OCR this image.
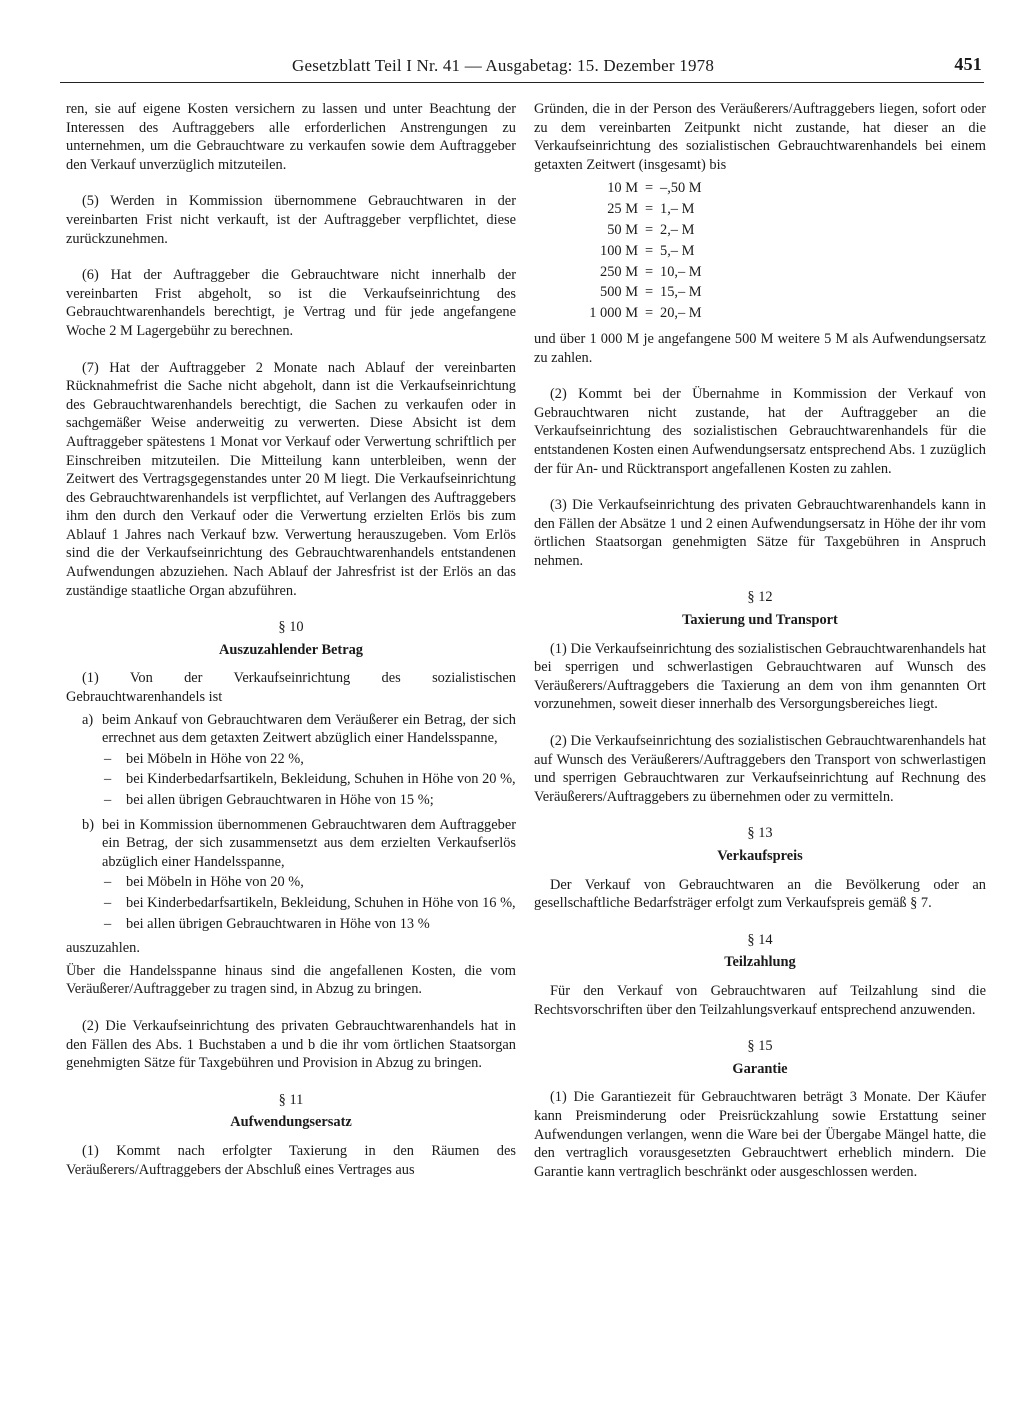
Gesetzblatt Teil I Nr. 41 — Ausgabetag: 15. Dezember 1978	451

ren, sie auf eigene Kosten versichern zu lassen und unter Beachtung der Interessen des Auftraggebers alle erforderlichen Anstrengungen zu unternehmen, um die Gebrauchtware zu verkaufen sowie dem Auftraggeber den Verkauf unverzüglich mitzuteilen.

(5) Werden in Kommission übernommene Gebrauchtwaren in der vereinbarten Frist nicht verkauft, ist der Auftraggeber verpflichtet, diese zurückzunehmen.

(6) Hat der Auftraggeber die Gebrauchtware nicht innerhalb der vereinbarten Frist abgeholt, so ist die Verkaufseinrichtung des Gebrauchtwarenhandels berechtigt, je Vertrag und für jede angefangene Woche 2 M Lagergebühr zu berechnen.

(7) Hat der Auftraggeber 2 Monate nach Ablauf der vereinbarten Rücknahmefrist die Sache nicht abgeholt, dann ist die Verkaufseinrichtung des Gebrauchtwarenhandels berechtigt, die Sachen zu verkaufen oder in sachgemäßer Weise anderweitig zu verwerten. Diese Absicht ist dem Auftraggeber spätestens 1 Monat vor Verkauf oder Verwertung schriftlich per Einschreiben mitzuteilen. Die Mitteilung kann unterbleiben, wenn der Zeitwert des Vertragsgegenstandes unter 20 M liegt. Die Verkaufseinrichtung des Gebrauchtwarenhandels ist verpflichtet, auf Verlangen des Auftraggebers ihm den durch den Verkauf oder die Verwertung erzielten Erlös bis zum Ablauf 1 Jahres nach Verkauf bzw. Verwertung herauszugeben. Vom Erlös sind die der Verkaufseinrichtung des Gebrauchtwarenhandels entstandenen Aufwendungen abzuziehen. Nach Ablauf der Jahresfrist ist der Erlös an das zuständige staatliche Organ abzuführen.

§ 10
Auszuzahlender Betrag

(1) Von der Verkaufseinrichtung des sozialistischen Gebrauchtwarenhandels ist

a) beim Ankauf von Gebrauchtwaren dem Veräußerer ein Betrag, der sich errechnet aus dem getaxten Zeitwert abzüglich einer Handelsspanne,
–	bei Möbeln in Höhe von 22 %,
–	bei Kinderbedarfsartikeln, Bekleidung, Schuhen in Höhe von 20 %,
–	bei allen übrigen Gebrauchtwaren in Höhe von 15 %;
b) bei in Kommission übernommenen Gebrauchtwaren dem Auftraggeber ein Betrag, der sich zusammensetzt aus dem erzielten Verkaufserlös abzüglich einer Handelsspanne,
–	bei Möbeln in Höhe von 20 %,
–	bei Kinderbedarfsartikeln, Bekleidung, Schuhen in Höhe von 16 %,
–	bei allen übrigen Gebrauchtwaren in Höhe von 13 %

auszuzahlen.

Über die Handelsspanne hinaus sind die angefallenen Kosten, die vom Veräußerer/Auftraggeber zu tragen sind, in Abzug zu bringen.

(2) Die Verkaufseinrichtung des privaten Gebrauchtwarenhandels hat in den Fällen des Abs. 1 Buchstaben a und b die ihr vom örtlichen Staatsorgan genehmigten Sätze für Taxgebühren und Provision in Abzug zu bringen.

§ 11
Aufwendungsersatz

(1) Kommt nach erfolgter Taxierung in den Räumen des Veräußerers/Auftraggebers der Abschluß eines Vertrages aus

Gründen, die in der Person des Veräußerers/Auftraggebers liegen, sofort oder zu dem vereinbarten Zeitpunkt nicht zustande, hat dieser an die Verkaufseinrichtung des sozialistischen Gebrauchtwarenhandels bei einem getaxten Zeitwert (insgesamt) bis

10 M = –,50 M
25 M = 1,– M
50 M = 2,– M
100 M = 5,– M
250 M = 10,– M
500 M = 15,– M
1 000 M = 20,– M

und über 1 000 M je angefangene 500 M weitere 5 M als Aufwendungsersatz zu zahlen.

(2) Kommt bei der Übernahme in Kommission der Verkauf von Gebrauchtwaren nicht zustande, hat der Auftraggeber an die Verkaufseinrichtung des sozialistischen Gebrauchtwarenhandels für die entstandenen Kosten einen Aufwendungsersatz entsprechend Abs. 1 zuzüglich der für An- und Rücktransport angefallenen Kosten zu zahlen.

(3) Die Verkaufseinrichtung des privaten Gebrauchtwarenhandels kann in den Fällen der Absätze 1 und 2 einen Aufwendungsersatz in Höhe der ihr vom örtlichen Staatsorgan genehmigten Sätze für Taxgebühren in Anspruch nehmen.

§ 12
Taxierung und Transport

(1) Die Verkaufseinrichtung des sozialistischen Gebrauchtwarenhandels hat bei sperrigen und schwerlastigen Gebrauchtwaren auf Wunsch des Veräußerers/Auftraggebers die Taxierung an dem von ihm genannten Ort vorzunehmen, soweit dieser innerhalb des Versorgungsbereiches liegt.

(2) Die Verkaufseinrichtung des sozialistischen Gebrauchtwarenhandels hat auf Wunsch des Veräußerers/Auftraggebers den Transport von schwerlastigen und sperrigen Gebrauchtwaren zur Verkaufseinrichtung auf Rechnung des Veräußerers/Auftraggebers zu übernehmen oder zu vermitteln.

§ 13
Verkaufspreis

Der Verkauf von Gebrauchtwaren an die Bevölkerung oder an gesellschaftliche Bedarfsträger erfolgt zum Verkaufspreis gemäß § 7.

§ 14
Teilzahlung

Für den Verkauf von Gebrauchtwaren auf Teilzahlung sind die Rechtsvorschriften über den Teilzahlungsverkauf entsprechend anzuwenden.

§ 15
Garantie

(1) Die Garantiezeit für Gebrauchtwaren beträgt 3 Monate. Der Käufer kann Preisminderung oder Preisrückzahlung sowie Erstattung seiner Aufwendungen verlangen, wenn die Ware bei der Übergabe Mängel hatte, die den vertraglich vorausgesetzten Gebrauchtwert erheblich mindern. Die Garantie kann vertraglich beschränkt oder ausgeschlossen werden.
